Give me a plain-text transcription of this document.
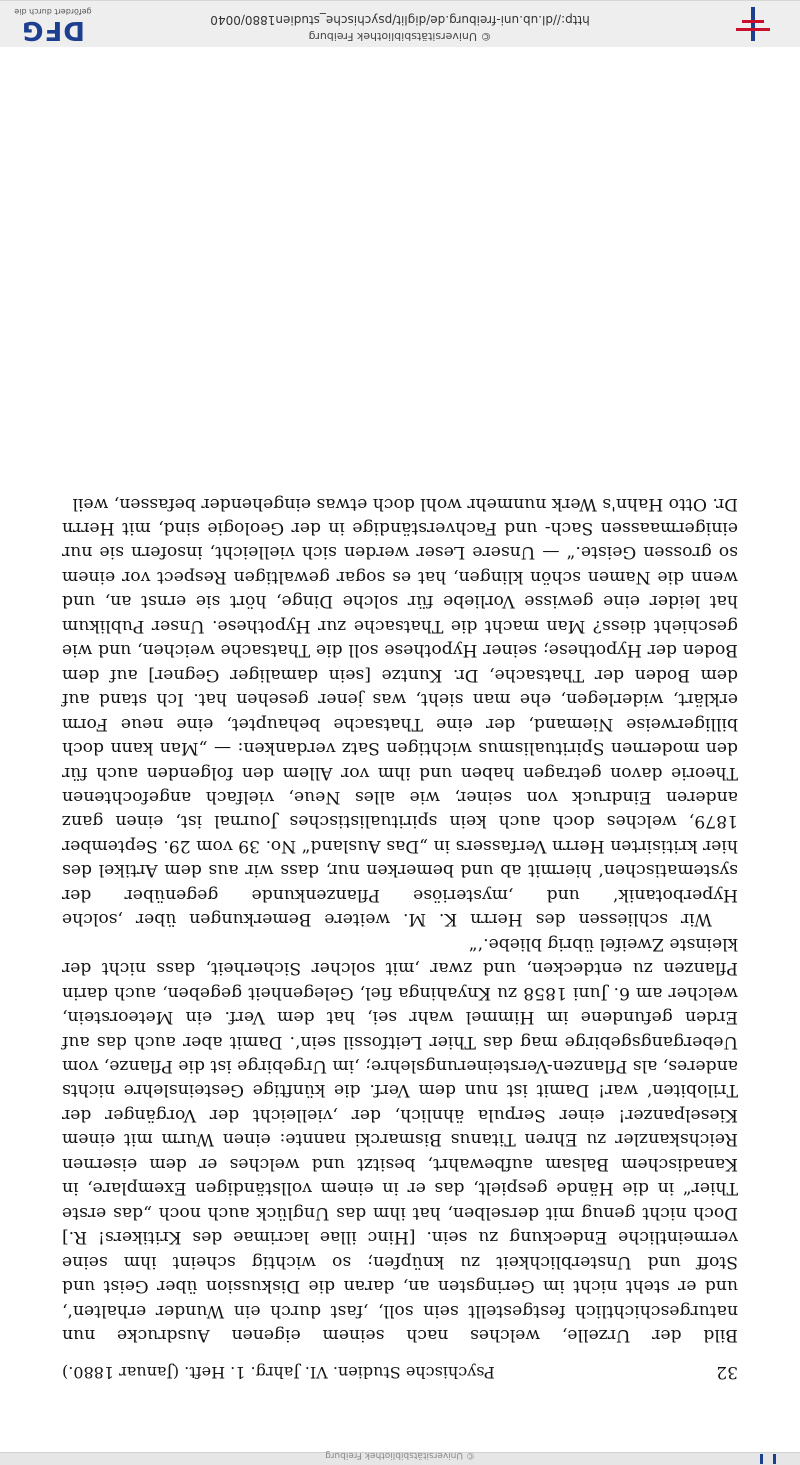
© Universitätsbibliothek Freiburg
http://dl.ub.uni-freiburg.de/diglit/psychische_studien1880/0040
DFG
gefördert durch die
32
Psychische Studien. VI. Jahrg. 1. Heft. (Januar 1880.)

Bild der Urzelle, welches nach seinem eigenen Ausdrucke nun naturgeschichtlich festgestellt sein soll, ‚fast durch ein Wunder erhalten‘, und er steht nicht im Geringsten an, daran die Diskussion über Geist und Stoff und Unsterblichkeit zu knüpfen; so wichtig scheint ihm seine vermeintliche Endeckung zu sein. [Hinc illae lacrimae des Kritikers! R.] Doch nicht genug mit derselben, hat ihm das Unglück auch noch „das erste Thier“ in die Hände gespielt, das er in einem vollständigen Exemplare, in Kanadischem Balsam aufbewahrt, besitzt und welches er dem eisernen Reichskanzler zu Ehren Titanus Bismarcki nannte: einen Wurm mit einem Kieselpanzer! einer Serpula ähnlich, der ‚vielleicht der Vorgänger der Trilobiten‘ war! Damit ist nun dem Verf. die künftige Gesteinslehre nichts anderes, als Pflanzen-Versteinerungslehre; ‚im Urgebirge ist die Pflanze, vom Uebergangsgebirge mag das Thier Leitfossil sein‘. Damit aber auch das auf Erden gefundene im Himmel wahr sei, hat dem Verf. ein Meteorstein, welcher am 6. Juni 1858 zu Knyahinga fiel, Gelegenheit gegeben, auch darin Pflanzen zu entdecken, und zwar ‚mit solcher Sicherheit, dass nicht der kleinste Zweifel übrig bliebe.‘“

Wir schliessen des Herrn K. M. weitere Bemerkungen über ‚solche Hyperbotanik‘ und ‚mysteriöse Pflanzenkunde gegenüber der systematischen‘ hiermit ab und bemerken nur, dass wir aus dem Artikel des hier kritisirten Herrn Verfassers in „Das Ausland“ No. 39 vom 29. September 1879, welches doch auch kein spiritualistisches Journal ist, einen ganz anderen Eindruck von seiner, wie alles Neue, vielfach angefochtenen Theorie davon getragen haben und ihm vor Allem den folgenden auch für den modernen Spiritualismus wichtigen Satz verdanken: — „Man kann doch billigerweise Niemand, der eine Thatsache behauptet, eine neue Form erklärt, widerlegen, ehe man sieht, was jener gesehen hat. Ich stand auf dem Boden der Thatsache, Dr. Kuntze [sein damaliger Gegner] auf dem Boden der Hypothese; seiner Hypothese soll die Thatsache weichen, und wie geschieht diess? Man macht die Thatsache zur Hypothese. Unser Publikum hat leider eine gewisse Vorliebe für solche Dinge, hört sie ernst an, und wenn die Namen schön klingen, hat es sogar gewaltigen Respect vor einem so grossen Geiste.“ — Unsere Leser werden sich vielleicht, insofern sie nur einigermaassen Sach- und Fachverständige in der Geologie sind, mit Herrn Dr. Otto Hahn's Werk nunmehr wohl doch etwas eingehender befassen, weil

© Universitätsbibliothek Freiburg
